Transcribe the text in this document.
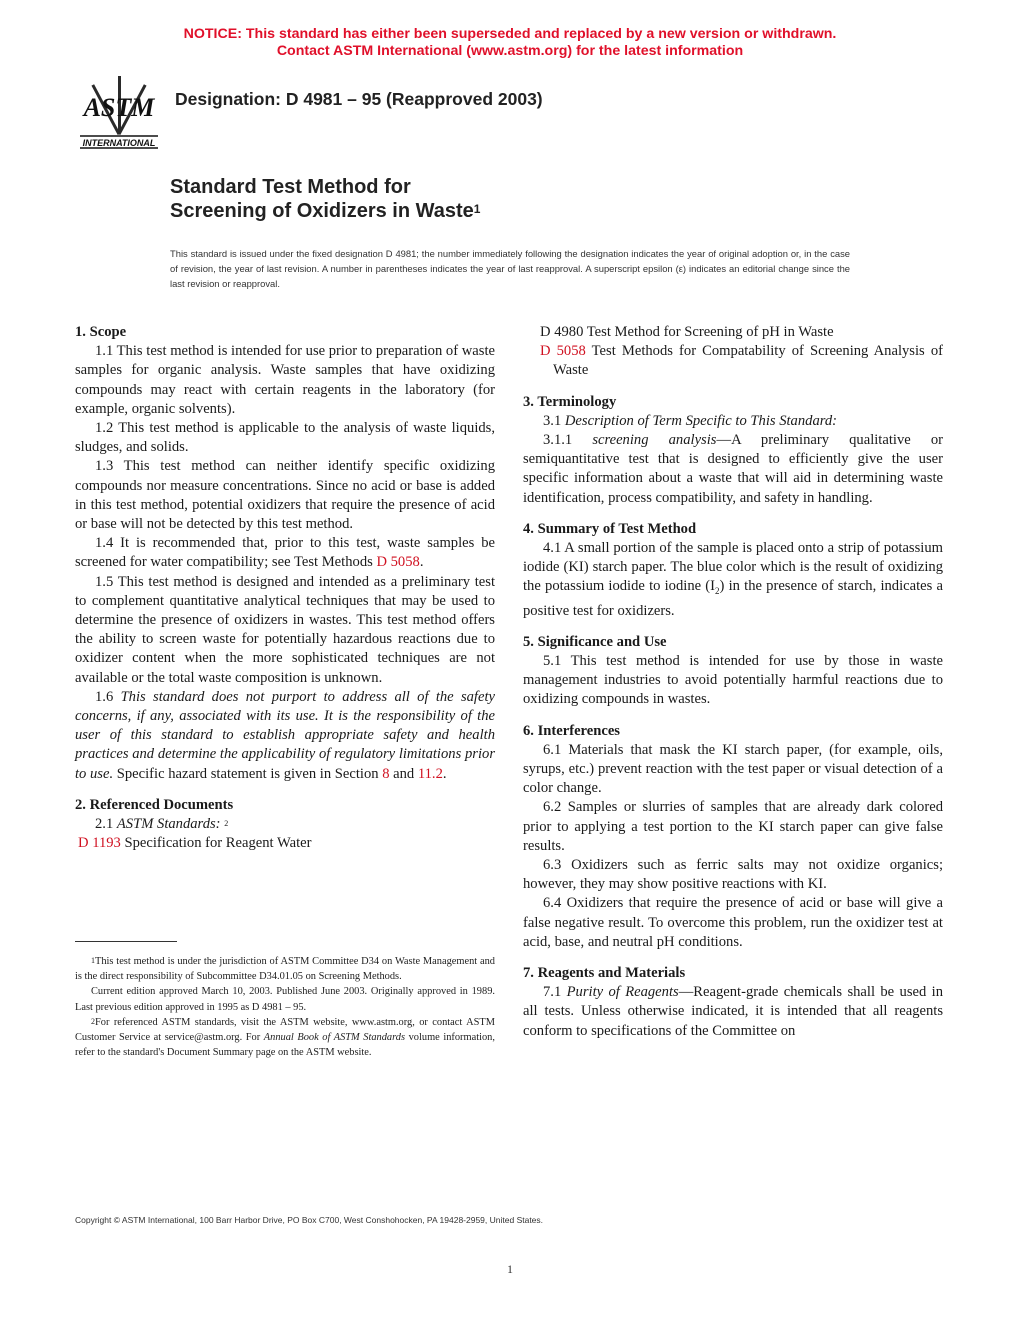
NOTICE: This standard has either been superseded and replaced by a new version or withdrawn.
Contact ASTM International (www.astm.org) for the latest information
ASTM
INTERNATIONAL
Designation: D 4981 – 95 (Reapproved 2003)
Standard Test Method for
Screening of Oxidizers in Waste$^1$
This standard is issued under the fixed designation D 4981; the number immediately following the designation indicates the year of original adoption or, in the case of revision, the year of last revision. A number in parentheses indicates the year of last reapproval. A superscript epsilon (ε) indicates an editorial change since the last revision or reapproval.
1. Scope

1.1 This test method is intended for use prior to preparation of waste samples for organic analysis. Waste samples that have oxidizing compounds may react with certain reagents in the laboratory (for example, organic solvents).

1.2 This test method is applicable to the analysis of waste liquids, sludges, and solids.

1.3 This test method can neither identify specific oxidizing compounds nor measure concentrations. Since no acid or base is added in this test method, potential oxidizers that require the presence of acid or base will not be detected by this test method.

1.4 It is recommended that, prior to this test, waste samples be screened for water compatibility; see Test Methods D 5058.

1.5 This test method is designed and intended as a preliminary test to complement quantitative analytical techniques that may be used to determine the presence of oxidizers in wastes. This test method offers the ability to screen waste for potentially hazardous reactions due to oxidizer content when the more sophisticated techniques are not available or the total waste composition is unknown.

1.6 This standard does not purport to address all of the safety concerns, if any, associated with its use. It is the responsibility of the user of this standard to establish appropriate safety and health practices and determine the applicability of regulatory limitations prior to use. Specific hazard statement is given in Section 8 and 11.2.

2. Referenced Documents

2.1 ASTM Standards: $^2$

D 1193 Specification for Reagent Water

$^1$This test method is under the jurisdiction of ASTM Committee D34 on Waste Management and is the direct responsibility of Subcommittee D34.01.05 on Screening Methods.

Current edition approved March 10, 2003. Published June 2003. Originally approved in 1989. Last previous edition approved in 1995 as D 4981 – 95.

$^2$For referenced ASTM standards, visit the ASTM website, www.astm.org, or contact ASTM Customer Service at service@astm.org. For Annual Book of ASTM Standards volume information, refer to the standard's Document Summary page on the ASTM website.

D 4980 Test Method for Screening of pH in Waste

D 5058 Test Methods for Compatability of Screening Analysis of Waste

3. Terminology

3.1 Description of Term Specific to This Standard:

3.1.1 screening analysis—A preliminary qualitative or semiquantitative test that is designed to efficiently give the user specific information about a waste that will aid in determining waste identification, process compatibility, and safety in handling.

4. Summary of Test Method

4.1 A small portion of the sample is placed onto a strip of potassium iodide (KI) starch paper. The blue color which is the result of oxidizing the potassium iodide to iodine $(I_2)$ in the presence of starch, indicates a positive test for oxidizers.

5. Significance and Use

5.1 This test method is intended for use by those in waste management industries to avoid potentially harmful reactions due to oxidizing compounds in wastes.

6. Interferences

6.1 Materials that mask the KI starch paper, (for example, oils, syrups, etc.) prevent reaction with the test paper or visual detection of a color change.

6.2 Samples or slurries of samples that are already dark colored prior to applying a test portion to the KI starch paper can give false results.

6.3 Oxidizers such as ferric salts may not oxidize organics; however, they may show positive reactions with KI.

6.4 Oxidizers that require the presence of acid or base will give a false negative result. To overcome this problem, run the oxidizer test at acid, base, and neutral pH conditions.

7. Reagents and Materials

7.1 Purity of Reagents—Reagent-grade chemicals shall be used in all tests. Unless otherwise indicated, it is intended that all reagents conform to specifications of the Committee on

Copyright © ASTM International, 100 Barr Harbor Drive, PO Box C700, West Conshohocken, PA 19428-2959, United States.
1
